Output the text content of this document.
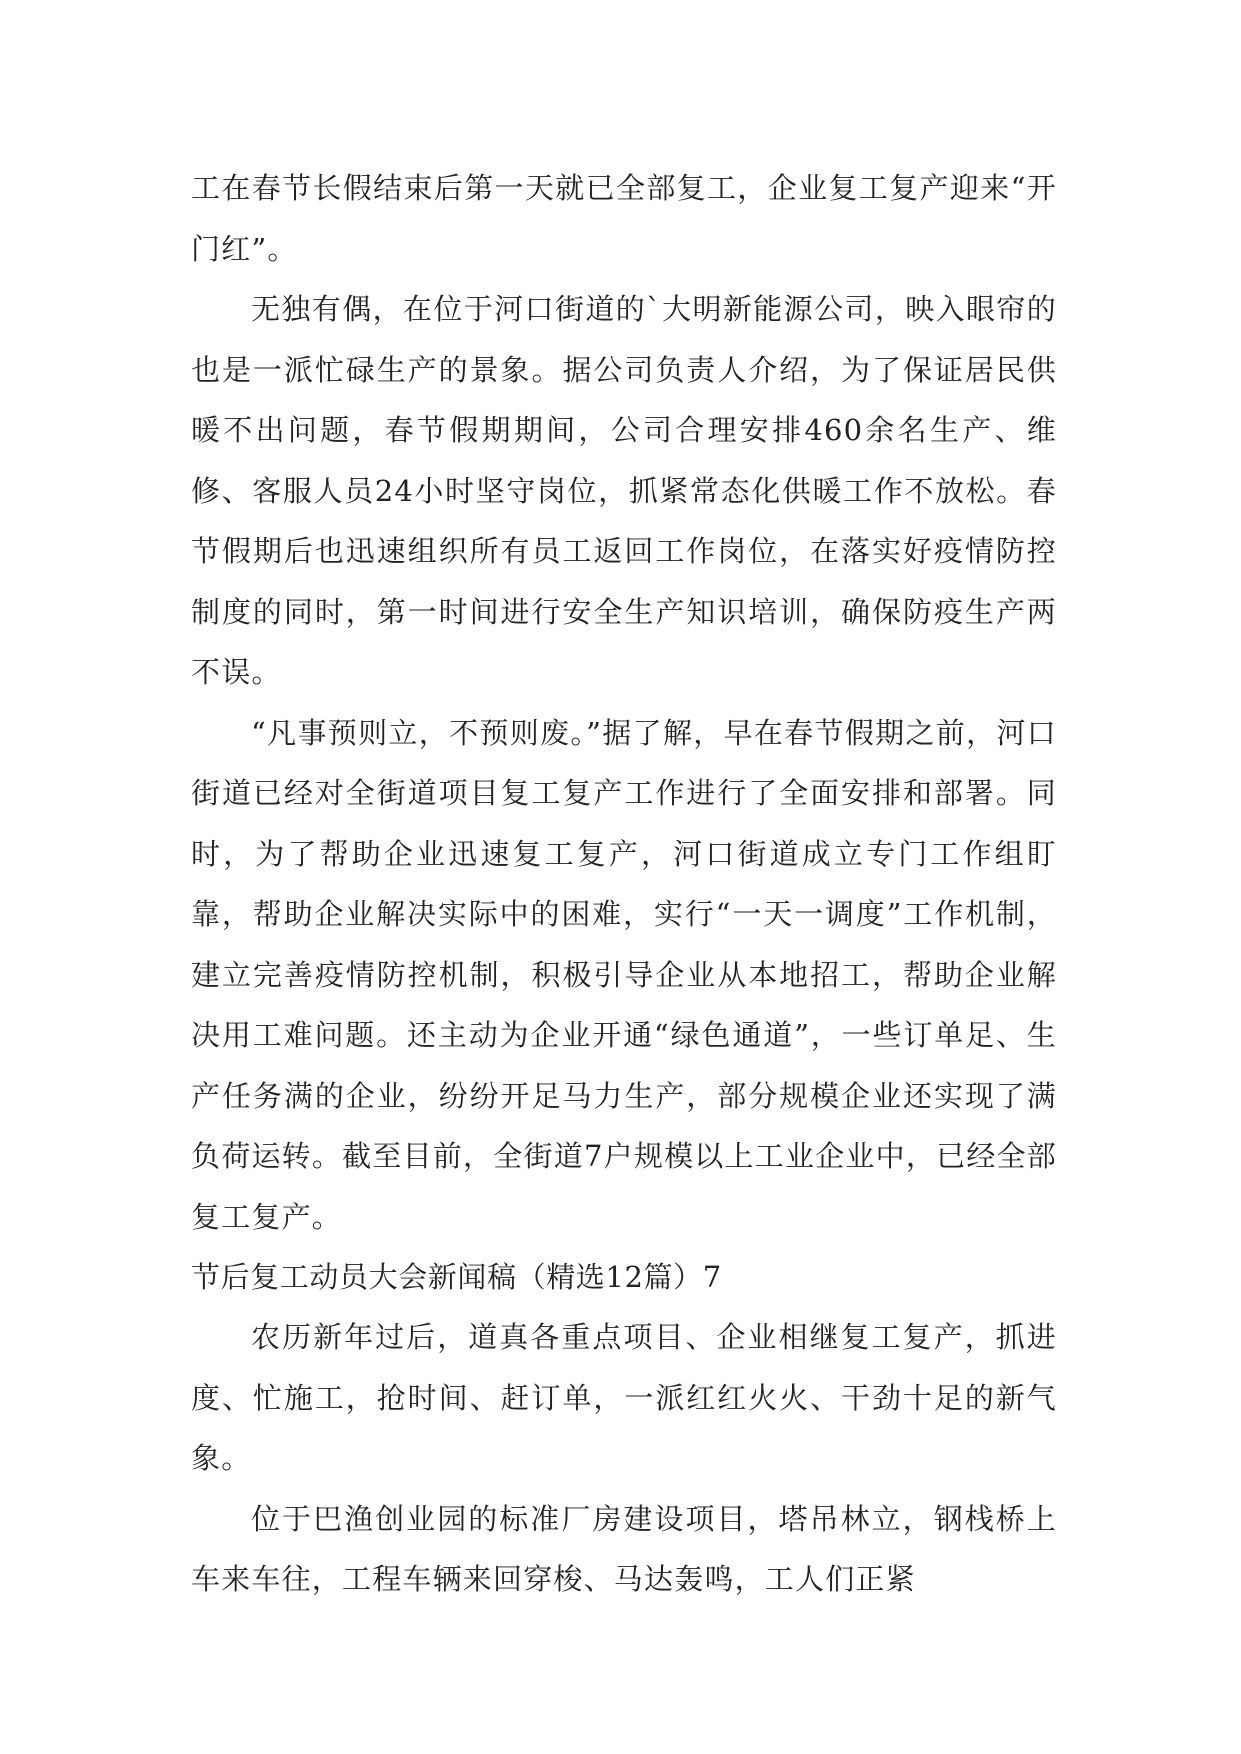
工在春节长假结束后第一天就已全部复工，企业复工复产迎来“开门红”。

无独有偶，在位于河口街道的`大明新能源公司，映入眼帘的也是一派忙碌生产的景象。据公司负责人介绍，为了保证居民供暖不出问题，春节假期期间，公司合理安排460余名生产、维修、客服人员24小时坚守岗位，抓紧常态化供暖工作不放松。春节假期后也迅速组织所有员工返回工作岗位，在落实好疫情防控制度的同时，第一时间进行安全生产知识培训，确保防疫生产两不误。

“凡事预则立，不预则废。”据了解，早在春节假期之前，河口街道已经对全街道项目复工复产工作进行了全面安排和部署。同时，为了帮助企业迅速复工复产，河口街道成立专门工作组盯靠，帮助企业解决实际中的困难，实行“一天一调度”工作机制，建立完善疫情防控机制，积极引导企业从本地招工，帮助企业解决用工难问题。还主动为企业开通“绿色通道”，一些订单足、生产任务满的企业，纷纷开足马力生产，部分规模企业还实现了满负荷运转。截至目前，全街道7户规模以上工业企业中，已经全部复工复产。

节后复工动员大会新闻稿（精选12篇）7

农历新年过后，道真各重点项目、企业相继复工复产，抓进度、忙施工，抢时间、赶订单，一派红红火火、干劲十足的新气象。

位于巴渔创业园的标准厂房建设项目，塔吊林立，钢栈桥上车来车往，工程车辆来回穿梭、马达轰鸣，工人们正紧
